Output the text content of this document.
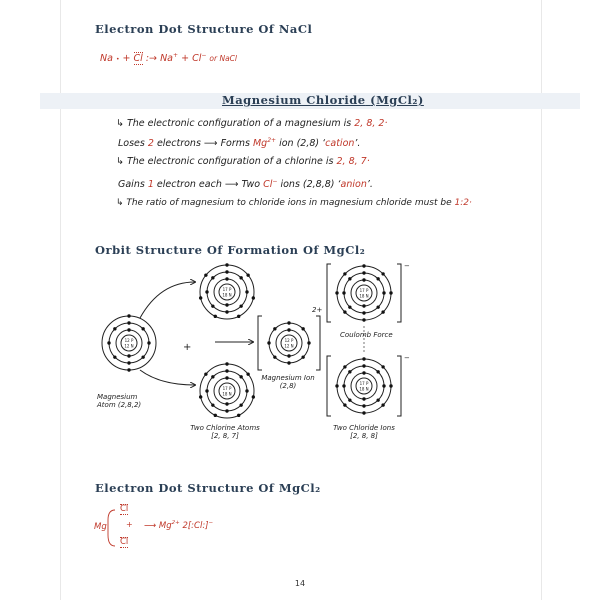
Electron Dot Structure Of NaCl
Na • + Cl :→ Na+ + Cl− or NaCl
Magnesium Chloride (MgCl₂)
↳ The electronic configuration of a magnesium is 2, 8, 2·
Loses 2 electrons ⟶ Forms $Mg^{2+}$ ion (2,8) ‘cation’.
↳ The electronic configuration of a chlorine is 2, 8, 7·
Gains 1 electron each ⟶ Two Cl− ions (2,8,8) ‘anion’.
↳ The ratio of magnesium to chloride ions in magnesium chloride must be 1:2·
Orbit Structure Of Formation Of MgCl₂
12 P
12 N
17 P
18 N
17 P
18 N
12 P
12 N
17 P
18 N
17 P
18 N
Magnesium
Atom (2,8,2)
+
Two Chlorine Atoms
[2, 8, 7]
Magnesium Ion
(2,8)
2+
Coulomb Force
−
−
Two Chloride Ions
[2, 8, 8]
Electron Dot Structure Of MgCl₂
Mg
Cl
+
Cl
⟶ $Mg^{2+}$ 2[:Cl:]−
14
